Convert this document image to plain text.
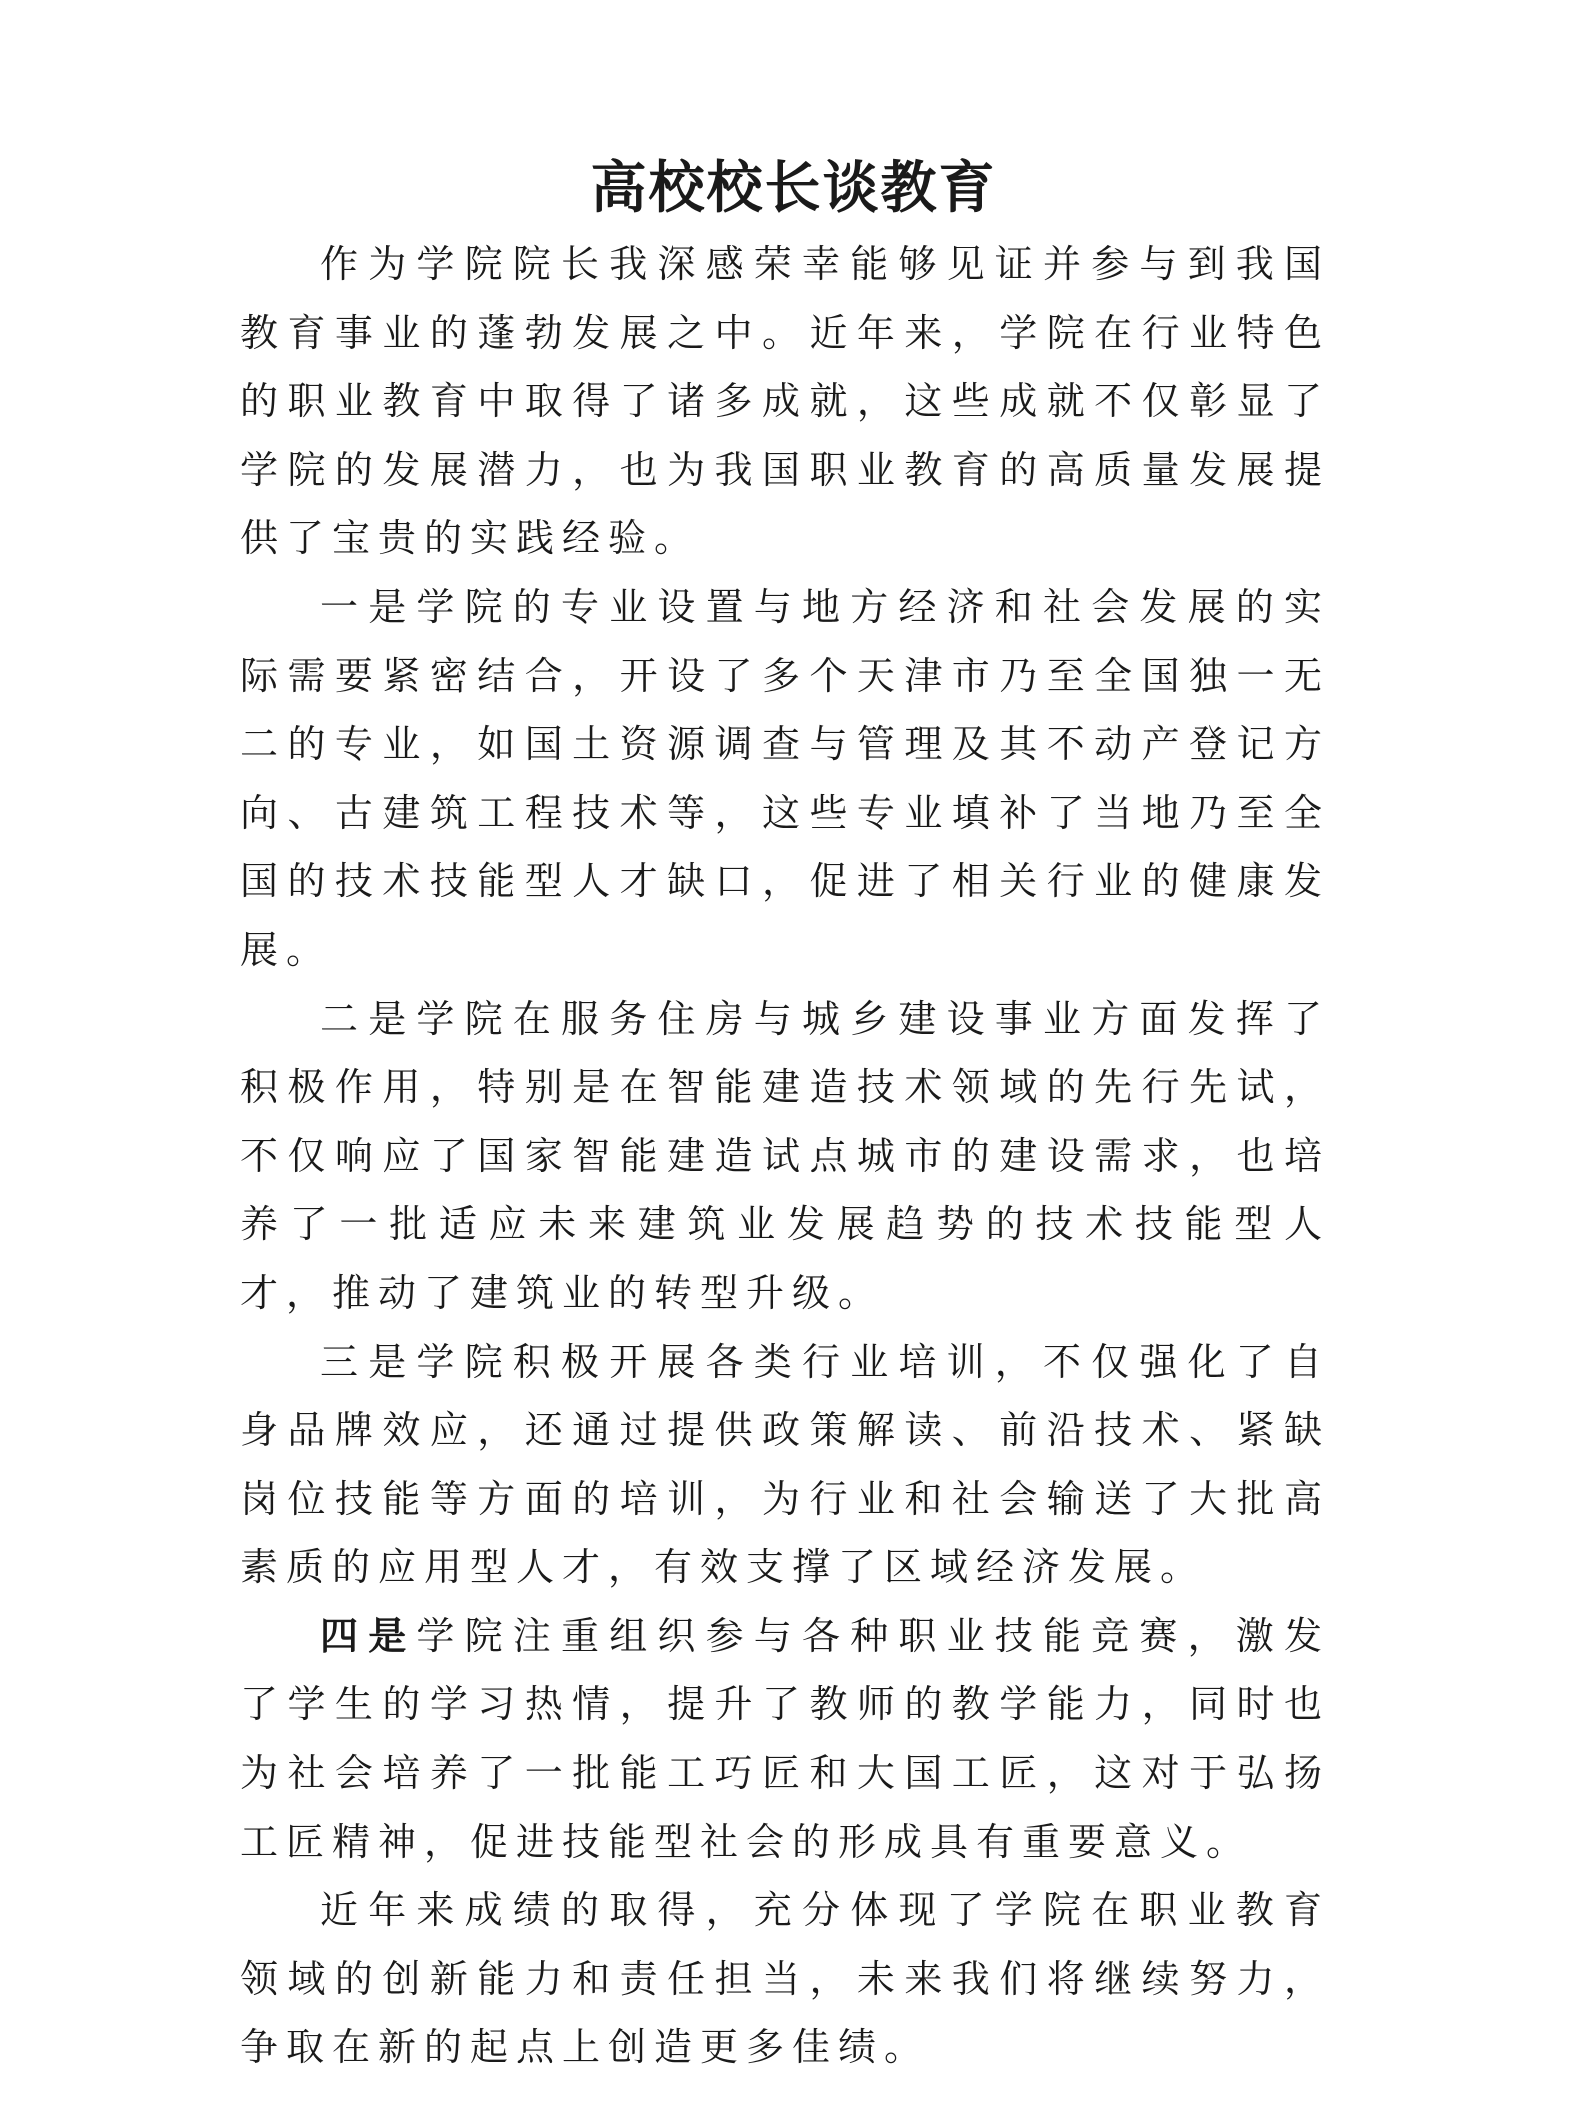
高校校长谈教育

作为学院院长我深感荣幸能够见证并参与到我国教育事业的蓬勃发展之中。近年来，学院在行业特色的职业教育中取得了诸多成就，这些成就不仅彰显了学院的发展潜力，也为我国职业教育的高质量发展提供了宝贵的实践经验。

一是学院的专业设置与地方经济和社会发展的实际需要紧密结合，开设了多个天津市乃至全国独一无二的专业，如国土资源调查与管理及其不动产登记方向、古建筑工程技术等，这些专业填补了当地乃至全国的技术技能型人才缺口，促进了相关行业的健康发展。

二是学院在服务住房与城乡建设事业方面发挥了积极作用，特别是在智能建造技术领域的先行先试，不仅响应了国家智能建造试点城市的建设需求，也培养了一批适应未来建筑业发展趋势的技术技能型人才，推动了建筑业的转型升级。

三是学院积极开展各类行业培训，不仅强化了自身品牌效应，还通过提供政策解读、前沿技术、紧缺岗位技能等方面的培训，为行业和社会输送了大批高素质的应用型人才，有效支撑了区域经济发展。

四是学院注重组织参与各种职业技能竞赛，激发了学生的学习热情，提升了教师的教学能力，同时也为社会培养了一批能工巧匠和大国工匠，这对于弘扬工匠精神，促进技能型社会的形成具有重要意义。

近年来成绩的取得，充分体现了学院在职业教育领域的创新能力和责任担当，未来我们将继续努力，争取在新的起点上创造更多佳绩。
